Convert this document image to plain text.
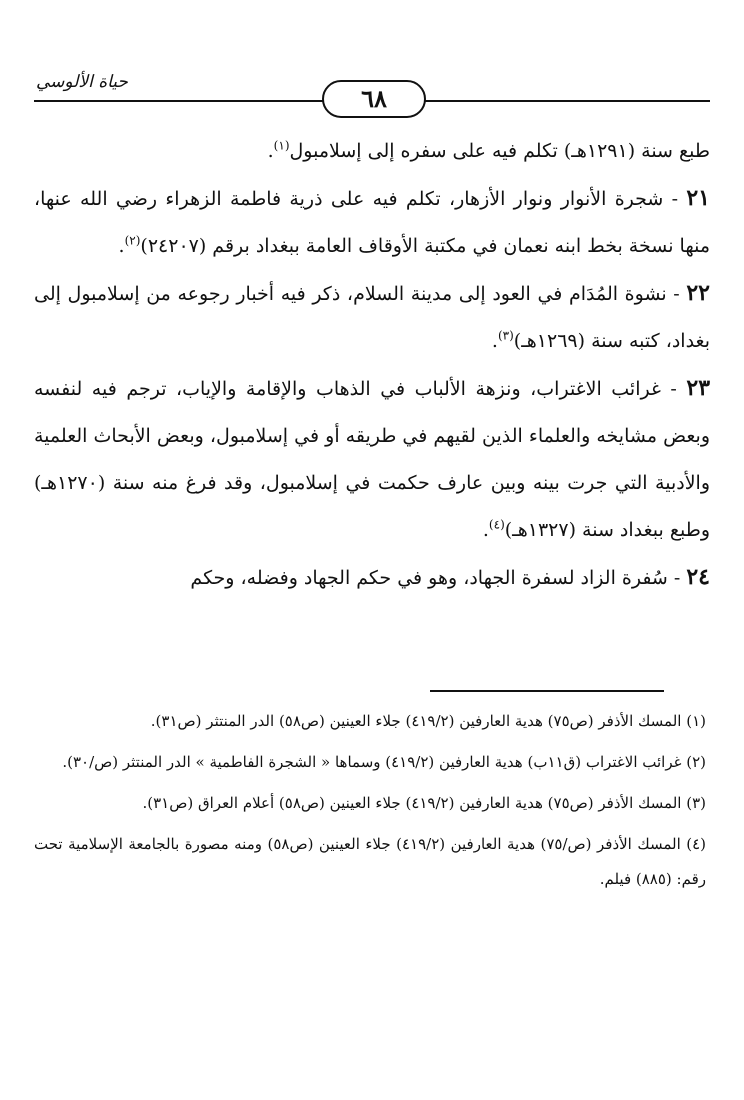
حياة الألوسي
٦٨

طبع سنة (١٢٩١هـ) تكلم فيه على سفره إلى إسلامبول$^{(١)}$.

٢١ - شجرة الأنوار ونوار الأزهار، تكلم فيه على ذرية فاطمة الزهراء رضي الله عنها، منها نسخة بخط ابنه نعمان في مكتبة الأوقاف العامة ببغداد برقم (٢٤٢٠٧)$^{(٢)}$.

٢٢ - نشوة المُدَام في العود إلى مدينة السلام، ذكر فيه أخبار رجوعه من إسلامبول إلى بغداد، كتبه سنة (١٢٦٩هـ)$^{(٣)}$.

٢٣ - غرائب الاغتراب، ونزهة الألباب في الذهاب والإقامة والإياب، ترجم فيه لنفسه وبعض مشايخه والعلماء الذين لقيهم في طريقه أو في إسلامبول، وبعض الأبحاث العلمية والأدبية التي جرت بينه وبين عارف حكمت في إسلامبول، وقد فرغ منه سنة (١٢٧٠هـ) وطبع ببغداد سنة (١٣٢٧هـ)$^{(٤)}$.

٢٤ - سُفرة الزاد لسفرة الجهاد، وهو في حكم الجهاد وفضله، وحكم

(١) المسك الأذفر (ص٧٥) هدية العارفين (٤١٩/٢) جلاء العينين (ص٥٨) الدر المنتثر (ص٣١).

(٢) غرائب الاغتراب (ق١١ب) هدية العارفين (٤١٩/٢) وسماها « الشجرة الفاطمية » الدر المنتثر (ص/٣٠).

(٣) المسك الأذفر (ص٧٥) هدية العارفين (٤١٩/٢) جلاء العينين (ص٥٨) أعلام العراق (ص٣١).

(٤) المسك الأذفر (ص/٧٥) هدية العارفين (٤١٩/٢) جلاء العينين (ص٥٨) ومنه مصورة بالجامعة الإسلامية تحت رقم: (٨٨٥) فيلم.
